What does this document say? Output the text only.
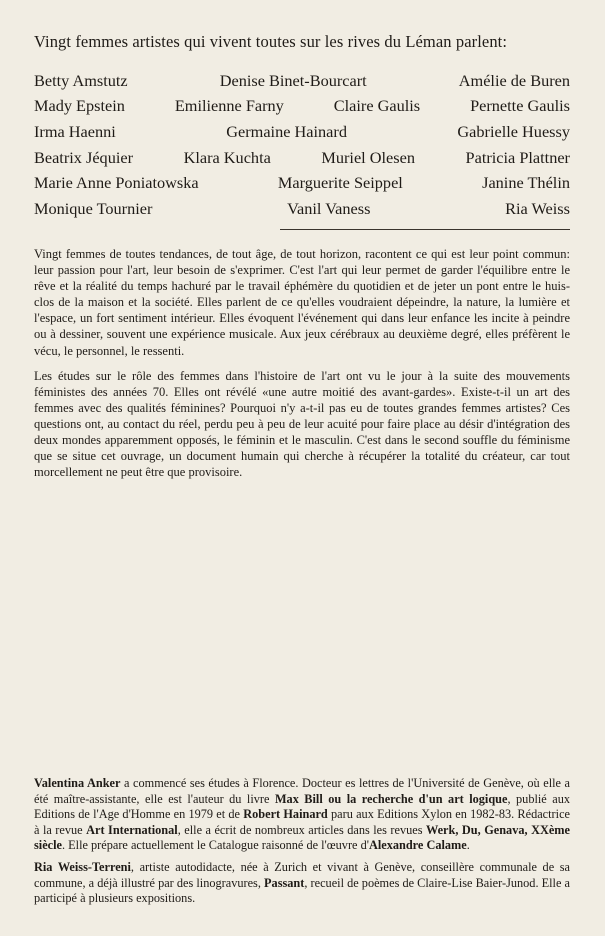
Vingt femmes artistes qui vivent toutes sur les rives du Léman parlent:
Betty Amstutz	Denise Binet-Bourcart	Amélie de Buren
Mady Epstein	Emilienne Farny	Claire Gaulis	Pernette Gaulis
Irma Haenni	Germaine Hainard	Gabrielle Huessy
Beatrix Jéquier	Klara Kuchta	Muriel Olesen	Patricia Plattner
Marie Anne Poniatowska	Marguerite Seippel	Janine Thélin
Monique Tournier	Vanil Vaness	Ria Weiss

Vingt femmes de toutes tendances, de tout âge, de tout horizon, racontent ce qui est leur point commun: leur passion pour l'art, leur besoin de s'exprimer. C'est l'art qui leur permet de garder l'équilibre entre le rêve et la réalité du temps hachuré par le travail éphémère du quotidien et de jeter un pont entre le huis-clos de la maison et la société. Elles parlent de ce qu'elles voudraient dépeindre, la nature, la lumière et l'espace, un fort sentiment intérieur. Elles évoquent l'événement qui dans leur enfance les incite à peindre ou à dessiner, souvent une expérience musicale. Aux jeux cérébraux au deuxième degré, elles préfèrent le vécu, le personnel, le ressenti.

Les études sur le rôle des femmes dans l'histoire de l'art ont vu le jour à la suite des mouvements féministes des années 70. Elles ont révélé «une autre moitié des avant-gardes». Existe-t-il un art des femmes avec des qualités féminines? Pourquoi n'y a-t-il pas eu de toutes grandes femmes artistes? Ces questions ont, au contact du réel, perdu peu à peu de leur acuité pour faire place au désir d'intégration des deux mondes apparemment opposés, le féminin et le masculin. C'est dans le second souffle du féminisme que se situe cet ouvrage, un document humain qui cherche à récupérer la totalité du créateur, car tout morcellement ne peut être que provisoire.

Valentina Anker a commencé ses études à Florence. Docteur es lettres de l'Université de Genève, où elle a été maître-assistante, elle est l'auteur du livre Max Bill ou la recherche d'un art logique, publié aux Editions de l'Age d'Homme en 1979 et de Robert Hainard paru aux Editions Xylon en 1982-83. Rédactrice à la revue Art International, elle a écrit de nombreux articles dans les revues Werk, Du, Genava, XXème siècle. Elle prépare actuellement le Catalogue raisonné de l'œuvre d'Alexandre Calame.

Ria Weiss-Terreni, artiste autodidacte, née à Zurich et vivant à Genève, conseillère communale de sa commune, a déjà illustré par des linogravures, Passant, recueil de poèmes de Claire-Lise Baier-Junod. Elle a participé à plusieurs expositions.
